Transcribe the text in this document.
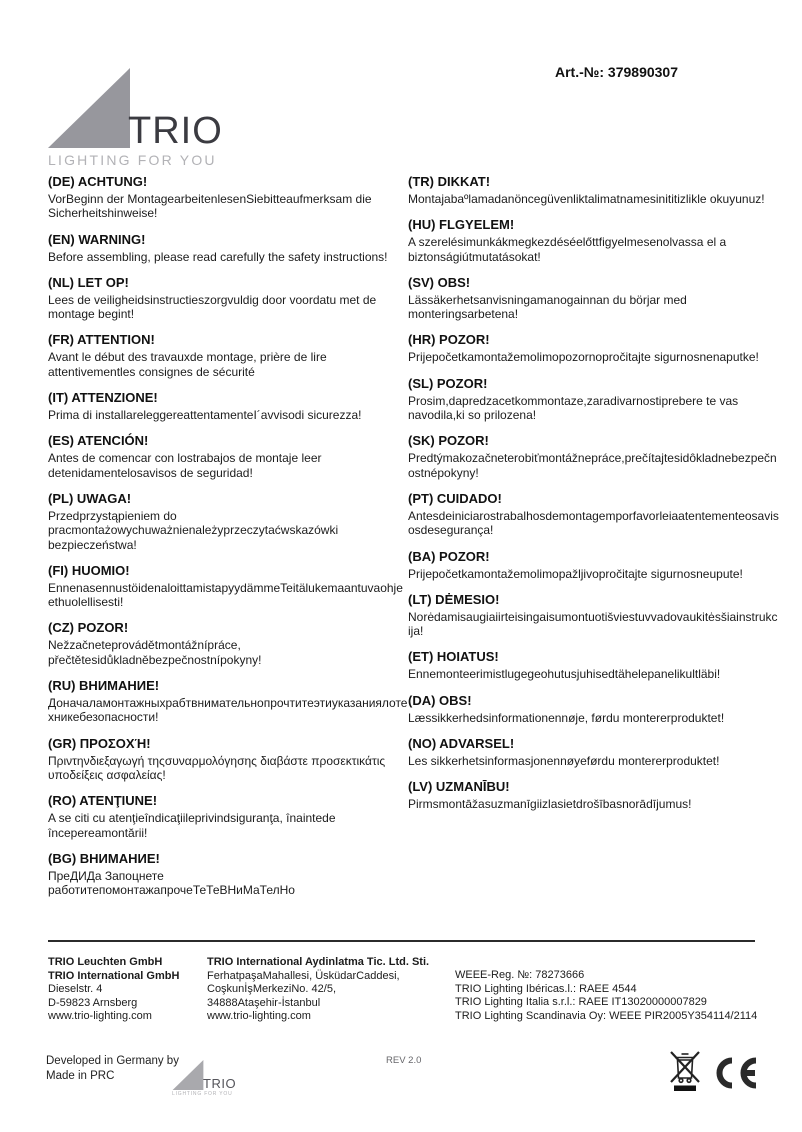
Art.-№: 379890307
TRIO
LIGHTING FOR YOU
(DE) ACHTUNG!
VorBeginn der MontagearbeitenlesenSiebitteaufmerksam die Sicherheitshinweise!
(EN) WARNING!
Before assembling, please read carefully the safety instructions!
(NL) LET OP!
Lees de veiligheidsinstructieszorgvuldig door voordatu met de montage begint!
(FR) ATTENTION!
Avant le début des travauxde montage, prière de lire attentivementles consignes de sécurité
(IT) ATTENZIONE!
Prima di installareleggereattentamenteI´avvisodi sicurezza!
(ES) ATENCIÓN!
Antes de comencar con lostrabajos de montaje leer detenidamentelosavisos de seguridad!
(PL) UWAGA!
Przedprzystąpieniem do pracmontażowychuważnienależyprzeczytaćwskazówki bezpieczeństwa!
(FI) HUOMIO!
EnnenasennustöidenaloittamistapyydämmeTeitälukemaantuvaohjeethuolellisesti!
(CZ) POZOR!
Nežzačneteprovádětmontážnípráce, přečtětesidůkladněbezpečnostnípokyny!
(RU) ВНИМАНИЕ!
Доначаламонтажныхрабтвнимательнопрочтитеэтиуказаниялотехникебезопасности!
(GR) ΠΡΟΣΟΧΉ!
Πριντηνδιεξαγωγή τηςσυναρμολόγησης διαβάστε προσεκτικάτις υποδείξεις ασφαλείας!
(RO) ATENŢIUNE!
A se citi cu atenţieîndicaţiileprivindsiguranţa, înaintede începereamontării!
(BG) ВНИМАНИЕ!
ПреДИДа Запоцнете работитепомонтажапрочеТеТеВНиМаТелНо
(TR) DIKKAT!
Montajabaºlamadanöncegüvenliktalimatnamesinititizlikle okuyunuz!
(HU) FLGYELEM!
A szerelésimunkákmegkezdéséelőttfigyelmesenolvassa el a biztonságiútmutatásokat!
(SV) OBS!
Lässäkerhetsanvisningamanogainnan du börjar med monteringsarbetena!
(HR) POZOR!
Prijepočetkamontažemolimopozornopročitajte sigurnosnenaputke!
(SL) POZOR!
Prosim,dapredzacetkommontaze,zaradivarnostiprebere te vas navodila,ki so prilozena!
(SK) POZOR!
Predtýmakozačneterobiťmontážnepráce,prečítajtesidôkladnebezpečnostnépokyny!
(PT) CUIDADO!
Antesdeiniciarostrabalhosdemontagemporfavorleiaatentementeosavisosdesegurança!
(BA) POZOR!
Prijepočetkamontažemolimopažljivopročitajte sigurnosneupute!
(LT) DĖMESIO!
Norėdamisaugiaiirteisingaisumontuotišviestuvvadovaukitėsšiainstrukcija!
(ET) HOIATUS!
Ennemonteerimistlugegeohutusjuhisedtähelepanelikultläbi!
(DA) OBS!
Læssikkerhedsinformationennøje, førdu montererproduktet!
(NO) ADVARSEL!
Les sikkerhetsinformasjonennøyeførdu montererproduktet!
(LV) UZMANĪBU!
Pirmsmontāžasuzmanīgiizlasietdrošībasnorādījumus!
TRIO Leuchten GmbH
TRIO International GmbH
Dieselstr. 4
D-59823 Arnsberg
www.trio-lighting.com
TRIO International Aydinlatma Tic. Ltd. Sti.
FerhatpaşaMahallesi, ÜsküdarCaddesi,
CoşkunİşMerkeziNo. 42/5,
34888Ataşehir-İstanbul
www.trio-lighting.com
WEEE-Reg. №: 78273666
TRIO Lighting Ibéricas.l.: RAEE 4544
TRIO Lighting Italia s.r.l.: RAEE IT13020000007829
TRIO Lighting Scandinavia Oy: WEEE PIR2005Y354114/2114
Developed in Germany by
Made in PRC	TRIO
LIGHTING FOR YOU
REV 2.0
